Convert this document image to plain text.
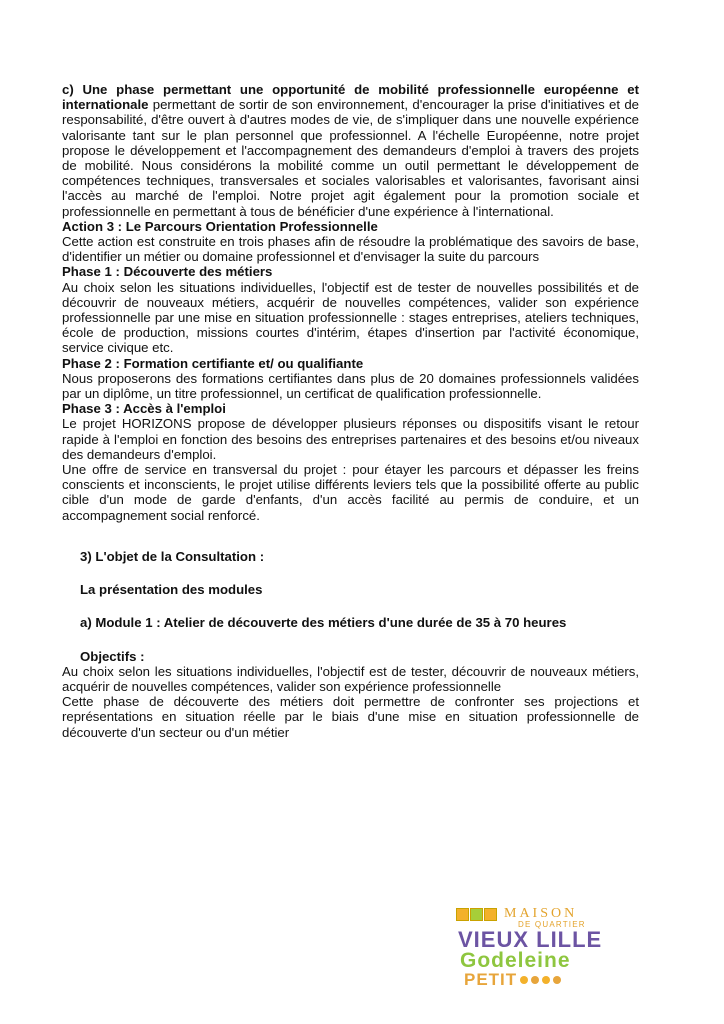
c) Une phase permettant une opportunité de mobilité professionnelle européenne et internationale permettant de sortir de son environnement, d'encourager la prise d'initiatives et de responsabilité, d'être ouvert à d'autres modes de vie, de s'impliquer dans une nouvelle expérience valorisante tant sur le plan personnel que professionnel. A l'échelle Européenne, notre projet propose le développement et l'accompagnement des demandeurs d'emploi à travers des projets de mobilité. Nous considérons la mobilité comme un outil permettant le développement de compétences techniques, transversales et sociales valorisables et valorisantes, favorisant ainsi l'accès au marché de l'emploi. Notre projet agit également pour la promotion sociale et professionnelle en permettant à tous de bénéficier d'une expérience à l'international.

Action 3 : Le Parcours Orientation Professionnelle

Cette action est construite en trois phases afin de résoudre la problématique des savoirs de base, d'identifier un métier ou domaine professionnel et d'envisager la suite du parcours

Phase 1 : Découverte des métiers

Au choix selon les situations individuelles, l'objectif est de tester de nouvelles possibilités et de découvrir de nouveaux métiers, acquérir de nouvelles compétences, valider son expérience professionnelle par une mise en situation professionnelle : stages entreprises, ateliers techniques, école de production, missions courtes d'intérim, étapes d'insertion par l'activité économique, service civique etc.

Phase 2 : Formation certifiante et/ ou qualifiante

Nous proposerons des formations certifiantes dans plus de 20 domaines professionnels validées par un diplôme, un titre professionnel, un certificat de qualification professionnelle.

Phase 3 : Accès à l'emploi

Le projet HORIZONS propose de développer plusieurs réponses ou dispositifs visant le retour rapide à l'emploi en fonction des besoins des entreprises partenaires et des besoins et/ou niveaux des demandeurs d'emploi.

Une offre de service en transversal du projet : pour étayer les parcours et dépasser les freins conscients et inconscients, le projet utilise différents leviers tels que la possibilité offerte au public cible d'un mode de garde d'enfants, d'un accès facilité au permis de conduire, et un accompagnement social renforcé.

3) L'objet de la Consultation :

La présentation des modules

a) Module 1 : Atelier de découverte des métiers d'une durée de 35 à 70 heures

Objectifs :

Au choix selon les situations individuelles, l'objectif est de tester, découvrir de nouveaux métiers, acquérir de nouvelles compétences, valider son expérience professionnelle

Cette phase de découverte des métiers doit permettre de confronter ses projections et représentations en situation réelle par le biais d'une mise en situation professionnelle de découverte d'un secteur ou d'un métier

MAISON
DE QUARTIER
VIEUX LILLE
Godeleine
PETIT
